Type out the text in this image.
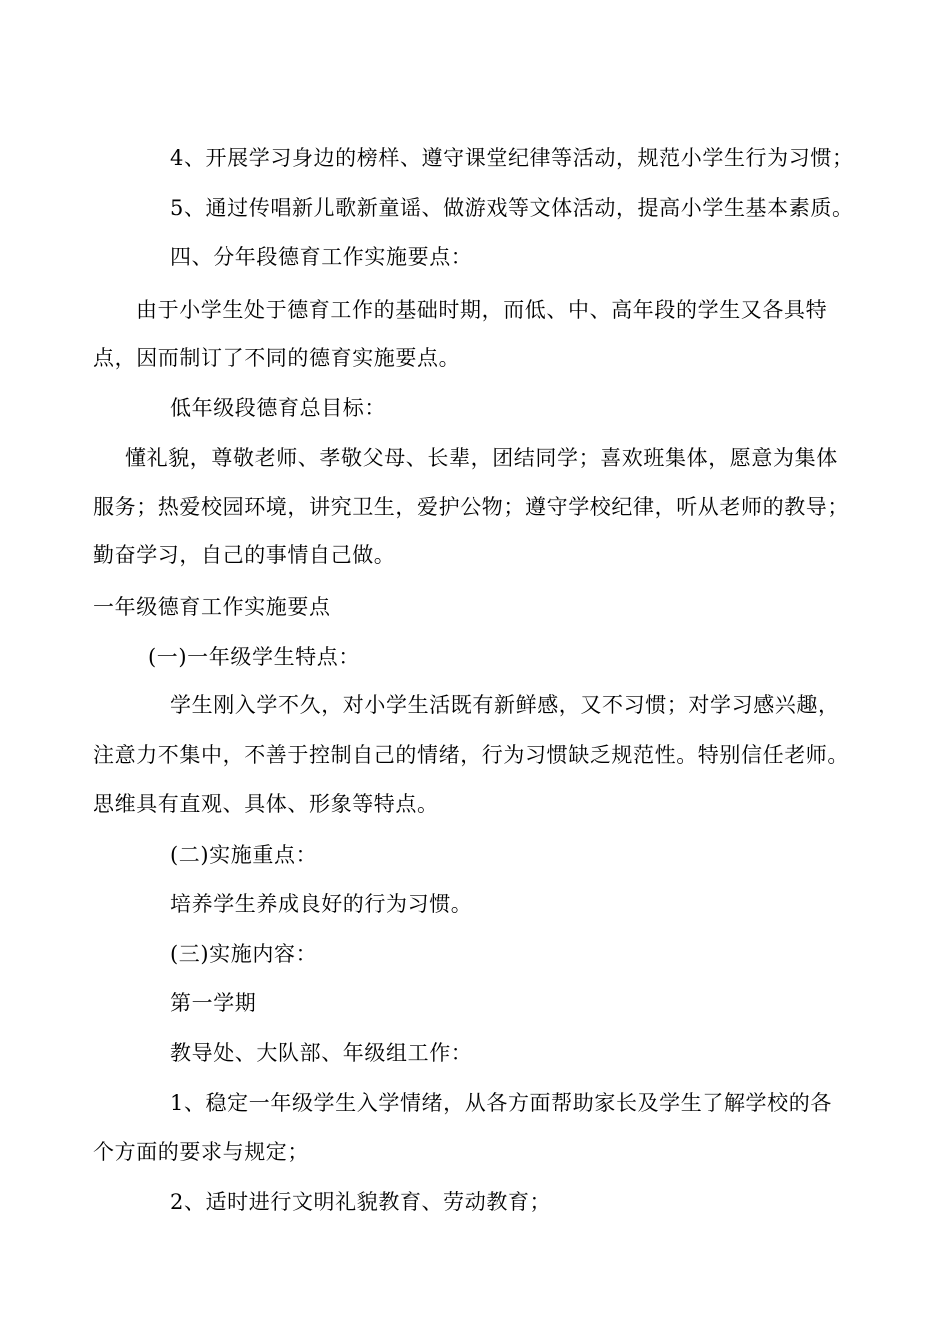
4、开展学习身边的榜样、遵守课堂纪律等活动，规范小学生行为习惯；
5、通过传唱新儿歌新童谣、做游戏等文体活动，提高小学生基本素质。
四、分年段德育工作实施要点：
由于小学生处于德育工作的基础时期，而低、中、高年段的学生又各具特
点，因而制订了不同的德育实施要点。
低年级段德育总目标：
懂礼貌，尊敬老师、孝敬父母、长辈，团结同学；喜欢班集体，愿意为集体
服务；热爱校园环境，讲究卫生，爱护公物；遵守学校纪律，听从老师的教导；
勤奋学习，自己的事情自己做。
一年级德育工作实施要点
(一)一年级学生特点：
学生刚入学不久，对小学生活既有新鲜感，又不习惯；对学习感兴趣，
注意力不集中，不善于控制自己的情绪，行为习惯缺乏规范性。特别信任老师。
思维具有直观、具体、形象等特点。
(二)实施重点：
培养学生养成良好的行为习惯。
(三)实施内容：
第一学期
教导处、大队部、年级组工作：
1、稳定一年级学生入学情绪，从各方面帮助家长及学生了解学校的各
个方面的要求与规定；
2、适时进行文明礼貌教育、劳动教育；
